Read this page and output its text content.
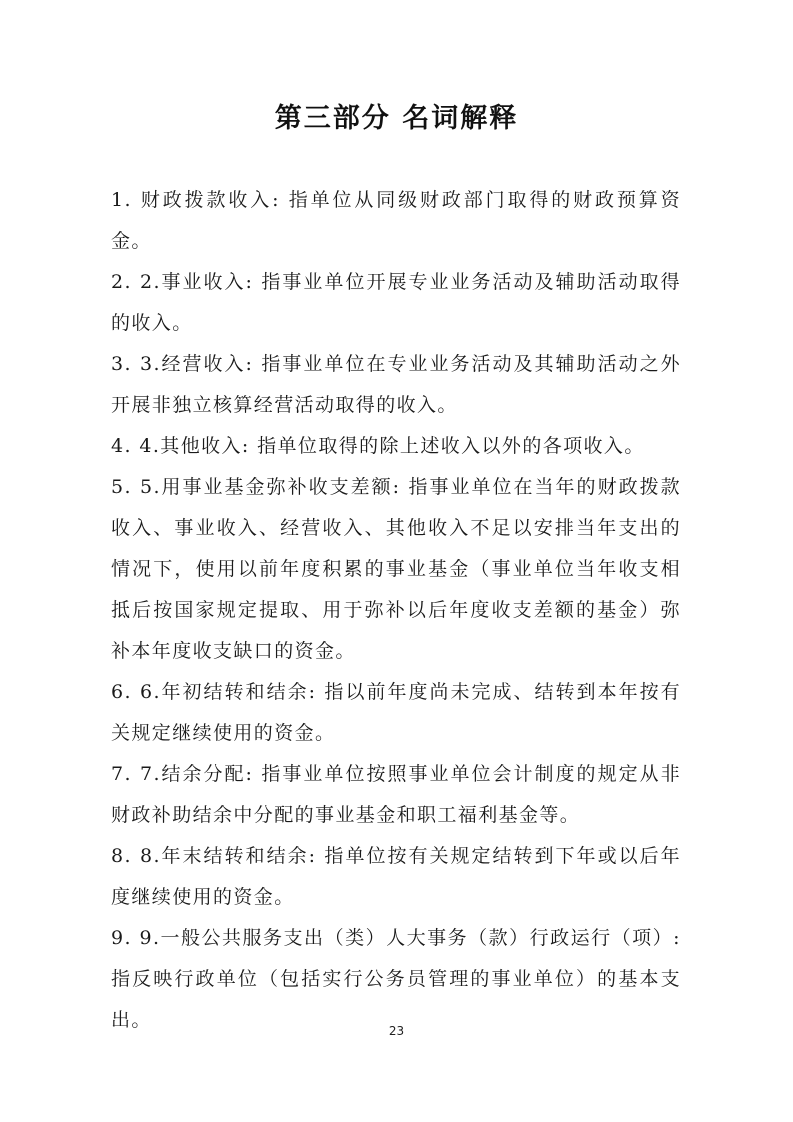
第三部分 名词解释

1. 财政拨款收入: 指单位从同级财政部门取得的财政预算资金。

2. 2.事业收入: 指事业单位开展专业业务活动及辅助活动取得的收入。

3. 3.经营收入: 指事业单位在专业业务活动及其辅助活动之外开展非独立核算经营活动取得的收入。

4. 4.其他收入: 指单位取得的除上述收入以外的各项收入。

5. 5.用事业基金弥补收支差额: 指事业单位在当年的财政拨款收入、事业收入、经营收入、其他收入不足以安排当年支出的情况下，使用以前年度积累的事业基金（事业单位当年收支相抵后按国家规定提取、用于弥补以后年度收支差额的基金）弥补本年度收支缺口的资金。

6. 6.年初结转和结余: 指以前年度尚未完成、结转到本年按有关规定继续使用的资金。

7. 7.结余分配: 指事业单位按照事业单位会计制度的规定从非财政补助结余中分配的事业基金和职工福利基金等。

8. 8.年末结转和结余: 指单位按有关规定结转到下年或以后年度继续使用的资金。

9. 9.一般公共服务支出（类）人大事务（款）行政运行（项）: 指反映行政单位（包括实行公务员管理的事业单位）的基本支出。	23
